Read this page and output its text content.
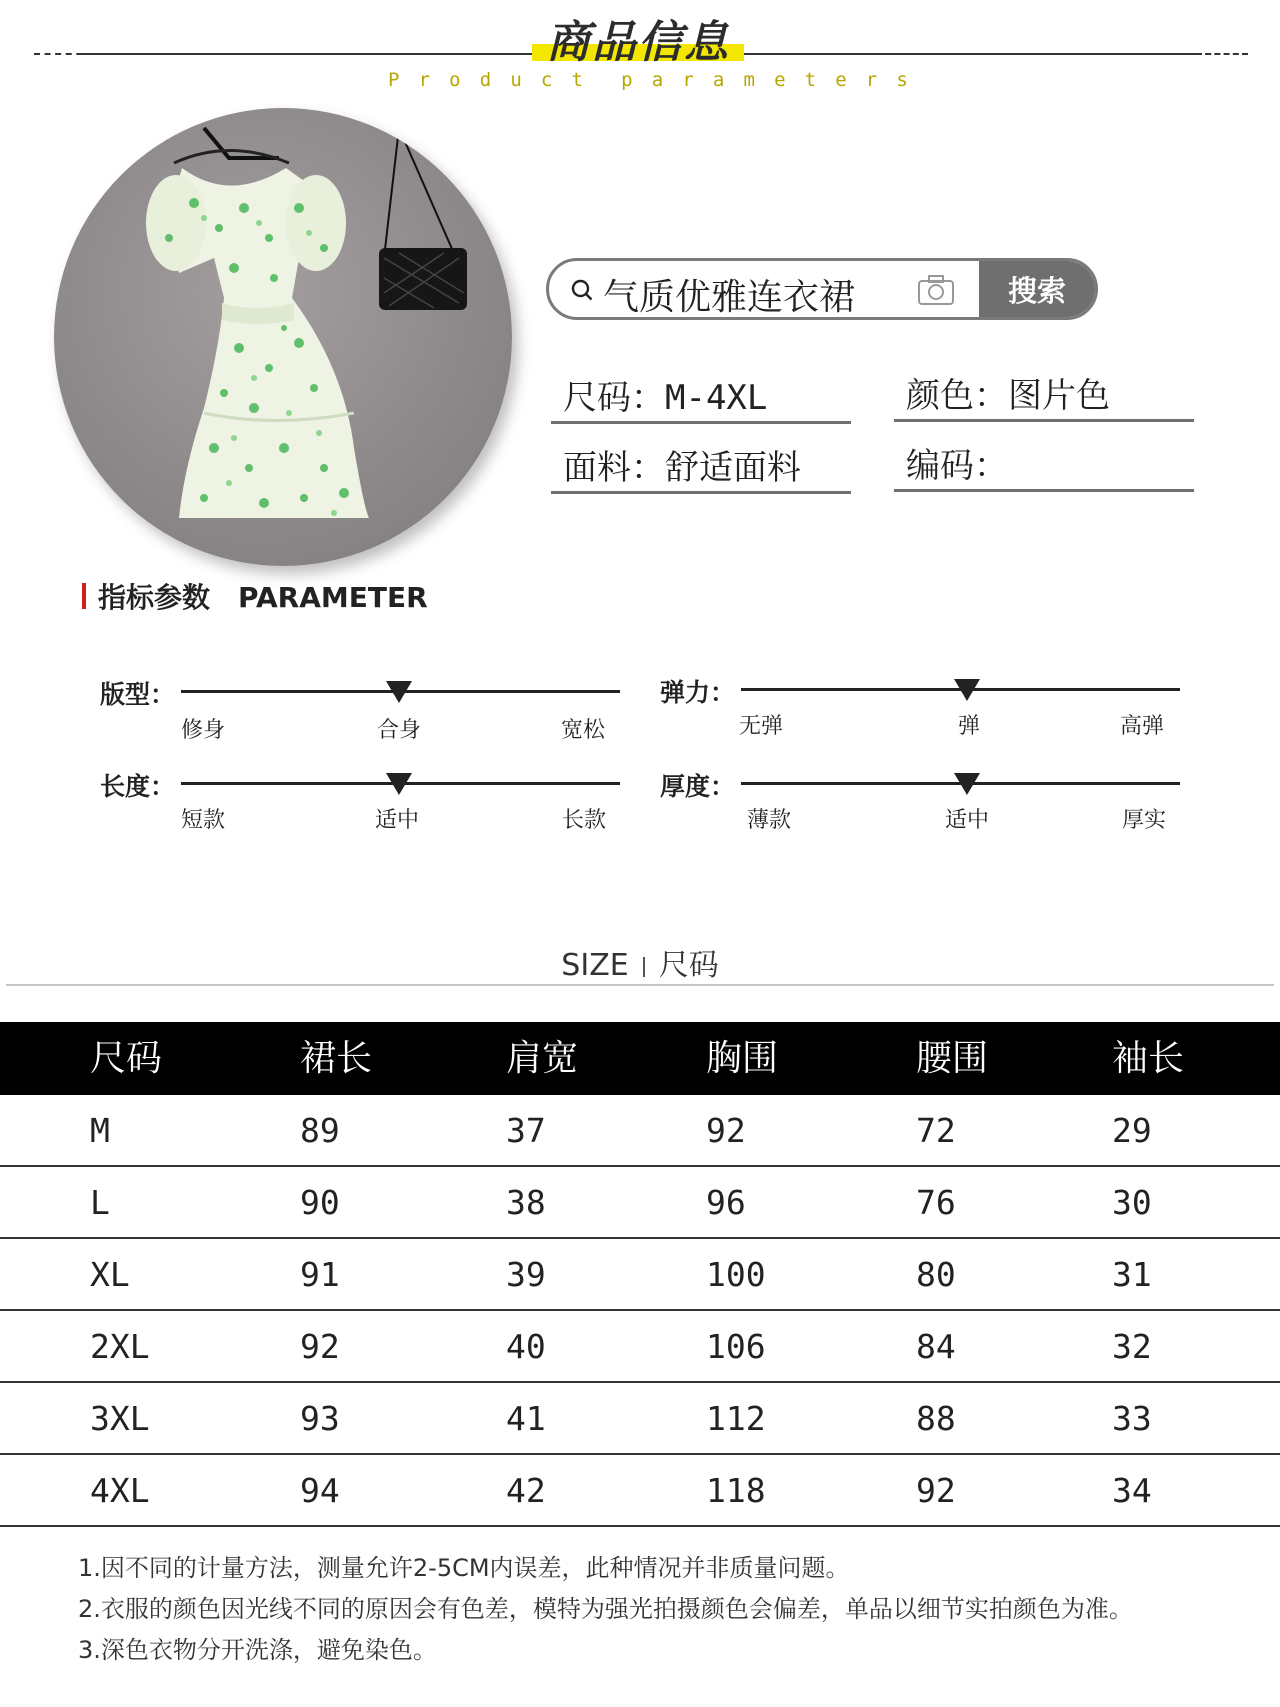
商品信息
P r o d u c t p a r a m e t e r s
气质优雅连衣裙	搜索
尺码：M-4XL	颜色：图片色
面料：舒适面料	编码：
指标参数 PARAMETER
版型：
修身	合身	宽松
弹力：
无弹	弹	高弹
长度：
短款	适中	长款
厚度：
薄款	适中	厚实
SIZE 尺码
尺码	裙长	肩宽	胸围	腰围	袖长
M	89	37	92	72	29
L	90	38	96	76	30
XL	91	39	100	80	31
2XL	92	40	106	84	32
3XL	93	41	112	88	33
4XL	94	42	118	92	34
1.因不同的计量方法，测量允许2-5CM内误差，此种情况并非质量问题。
2.衣服的颜色因光线不同的原因会有色差，模特为强光拍摄颜色会偏差，单品以细节实拍颜色为准。
3.深色衣物分开洗涤，避免染色。
